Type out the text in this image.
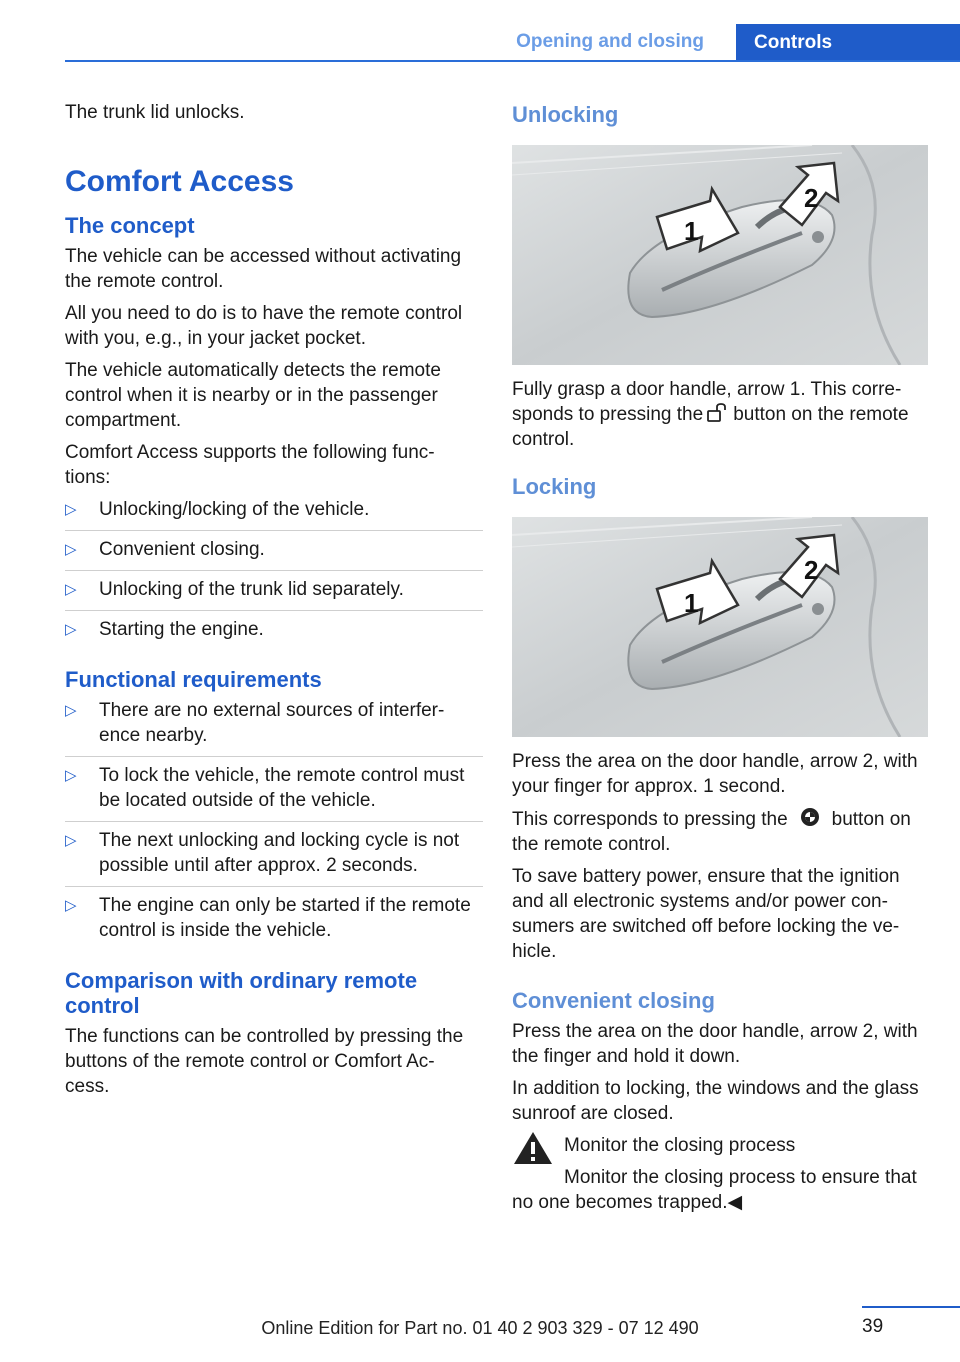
Opening and closing	Controls

The trunk lid unlocks.

Comfort Access
The concept

The vehicle can be accessed without activating the remote control.

All you need to do is to have the remote control with you, e.g., in your jacket pocket.

The vehicle automatically detects the remote control when it is nearby or in the passenger compartment.

Comfort Access supports the following func‐ tions:

▷ Unlocking/locking of the vehicle.
▷ Convenient closing.
▷ Unlocking of the trunk lid separately.
▷ Starting the engine.
Functional requirements
▷ There are no external sources of interfer‐ ence nearby.
▷ To lock the vehicle, the remote control must be located outside of the vehicle.
▷ The next unlocking and locking cycle is not possible until after approx. 2 seconds.
▷ The engine can only be started if the remote control is inside the vehicle.
Comparison with ordinary remote control

The functions can be controlled by pressing the buttons of the remote control or Comfort Ac‐ cess.

Unlocking
1
2

Fully grasp a door handle, arrow 1. This corre‐ sponds to pressing the button on the remote control.

Locking
1
2

Press the area on the door handle, arrow 2, with your finger for approx. 1 second.

This corresponds to pressing the button on the remote control.

To save battery power, ensure that the ignition and all electronic systems and/or power con‐ sumers are switched off before locking the ve‐ hicle.

Convenient closing

Press the area on the door handle, arrow 2, with the finger and hold it down.

In addition to locking, the windows and the glass sunroof are closed.

Monitor the closing process

Monitor the closing process to ensure that no one becomes trapped.◀

39
Online Edition for Part no. 01 40 2 903 329 - 07 12 490
